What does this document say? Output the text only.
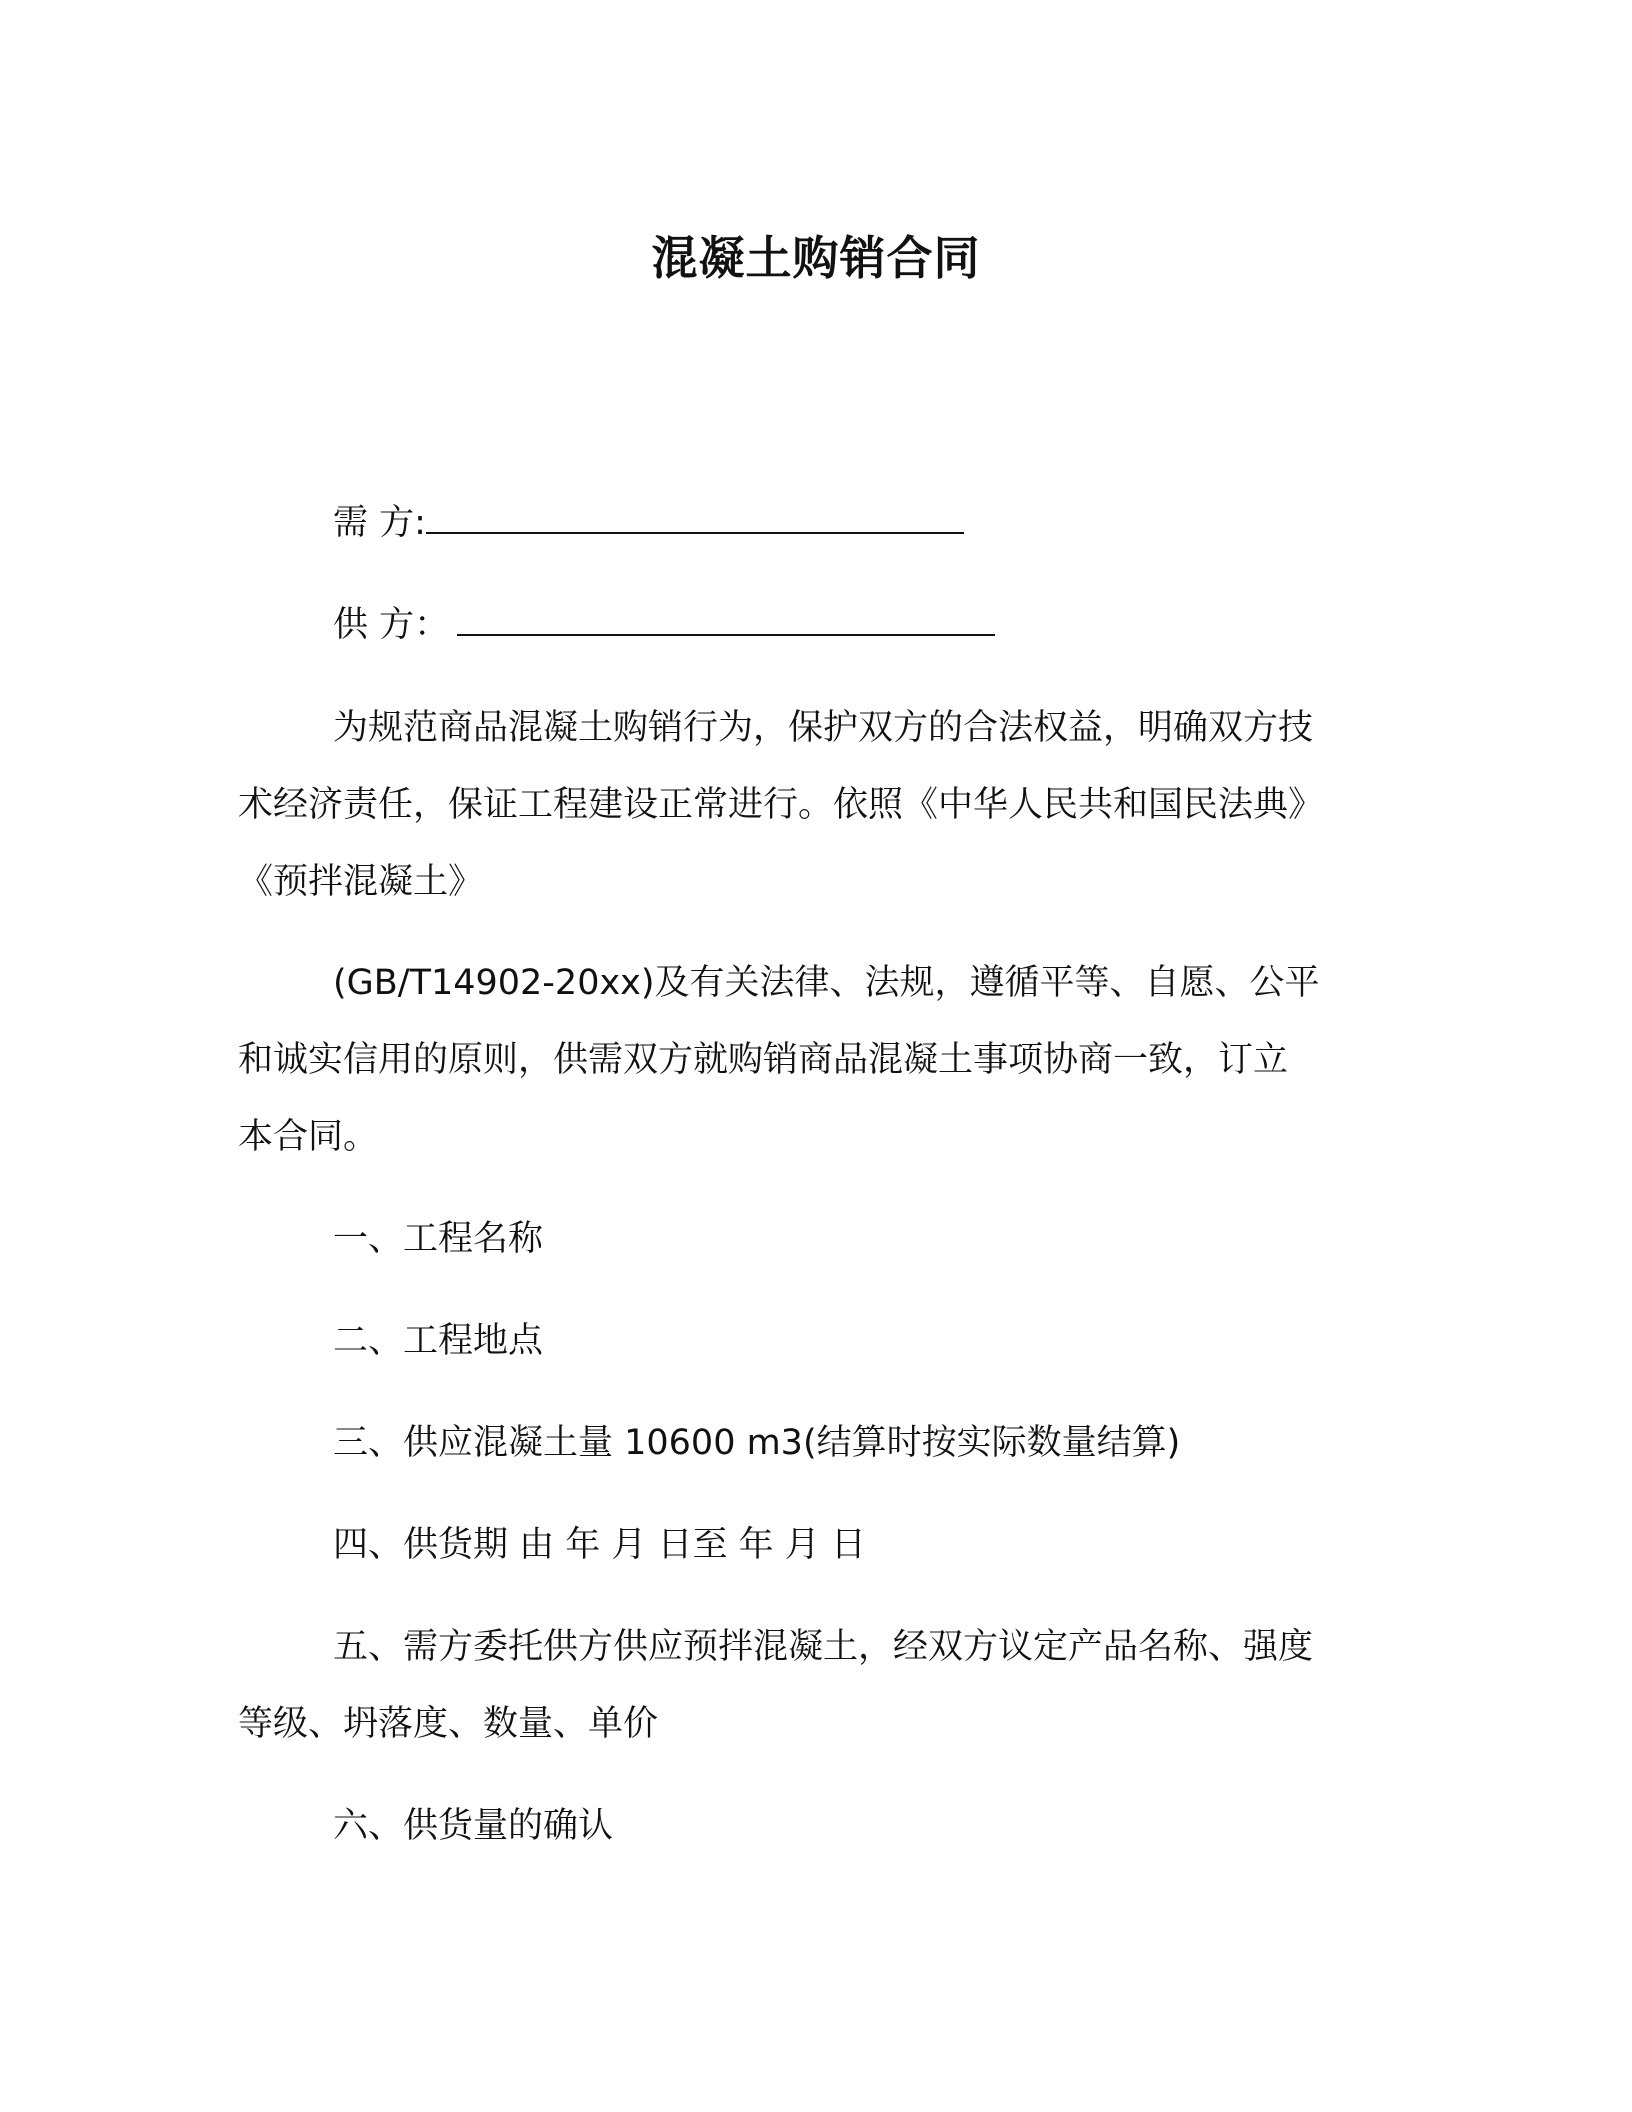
混凝土购销合同
需 方:
供 方：
为规范商品混凝土购销行为，保护双方的合法权益，明确双方技
术经济责任，保证工程建设正常进行。依照《中华人民共和国民法典》
《预拌混凝土》
(GB/T14902-20xx)及有关法律、法规，遵循平等、自愿、公平
和诚实信用的原则，供需双方就购销商品混凝土事项协商一致，订立
本合同。
一、工程名称
二、工程地点
三、供应混凝土量 10600 m3(结算时按实际数量结算)
四、供货期 由 年 月 日至 年 月 日
五、需方委托供方供应预拌混凝土，经双方议定产品名称、强度
等级、坍落度、数量、单价
六、供货量的确认
